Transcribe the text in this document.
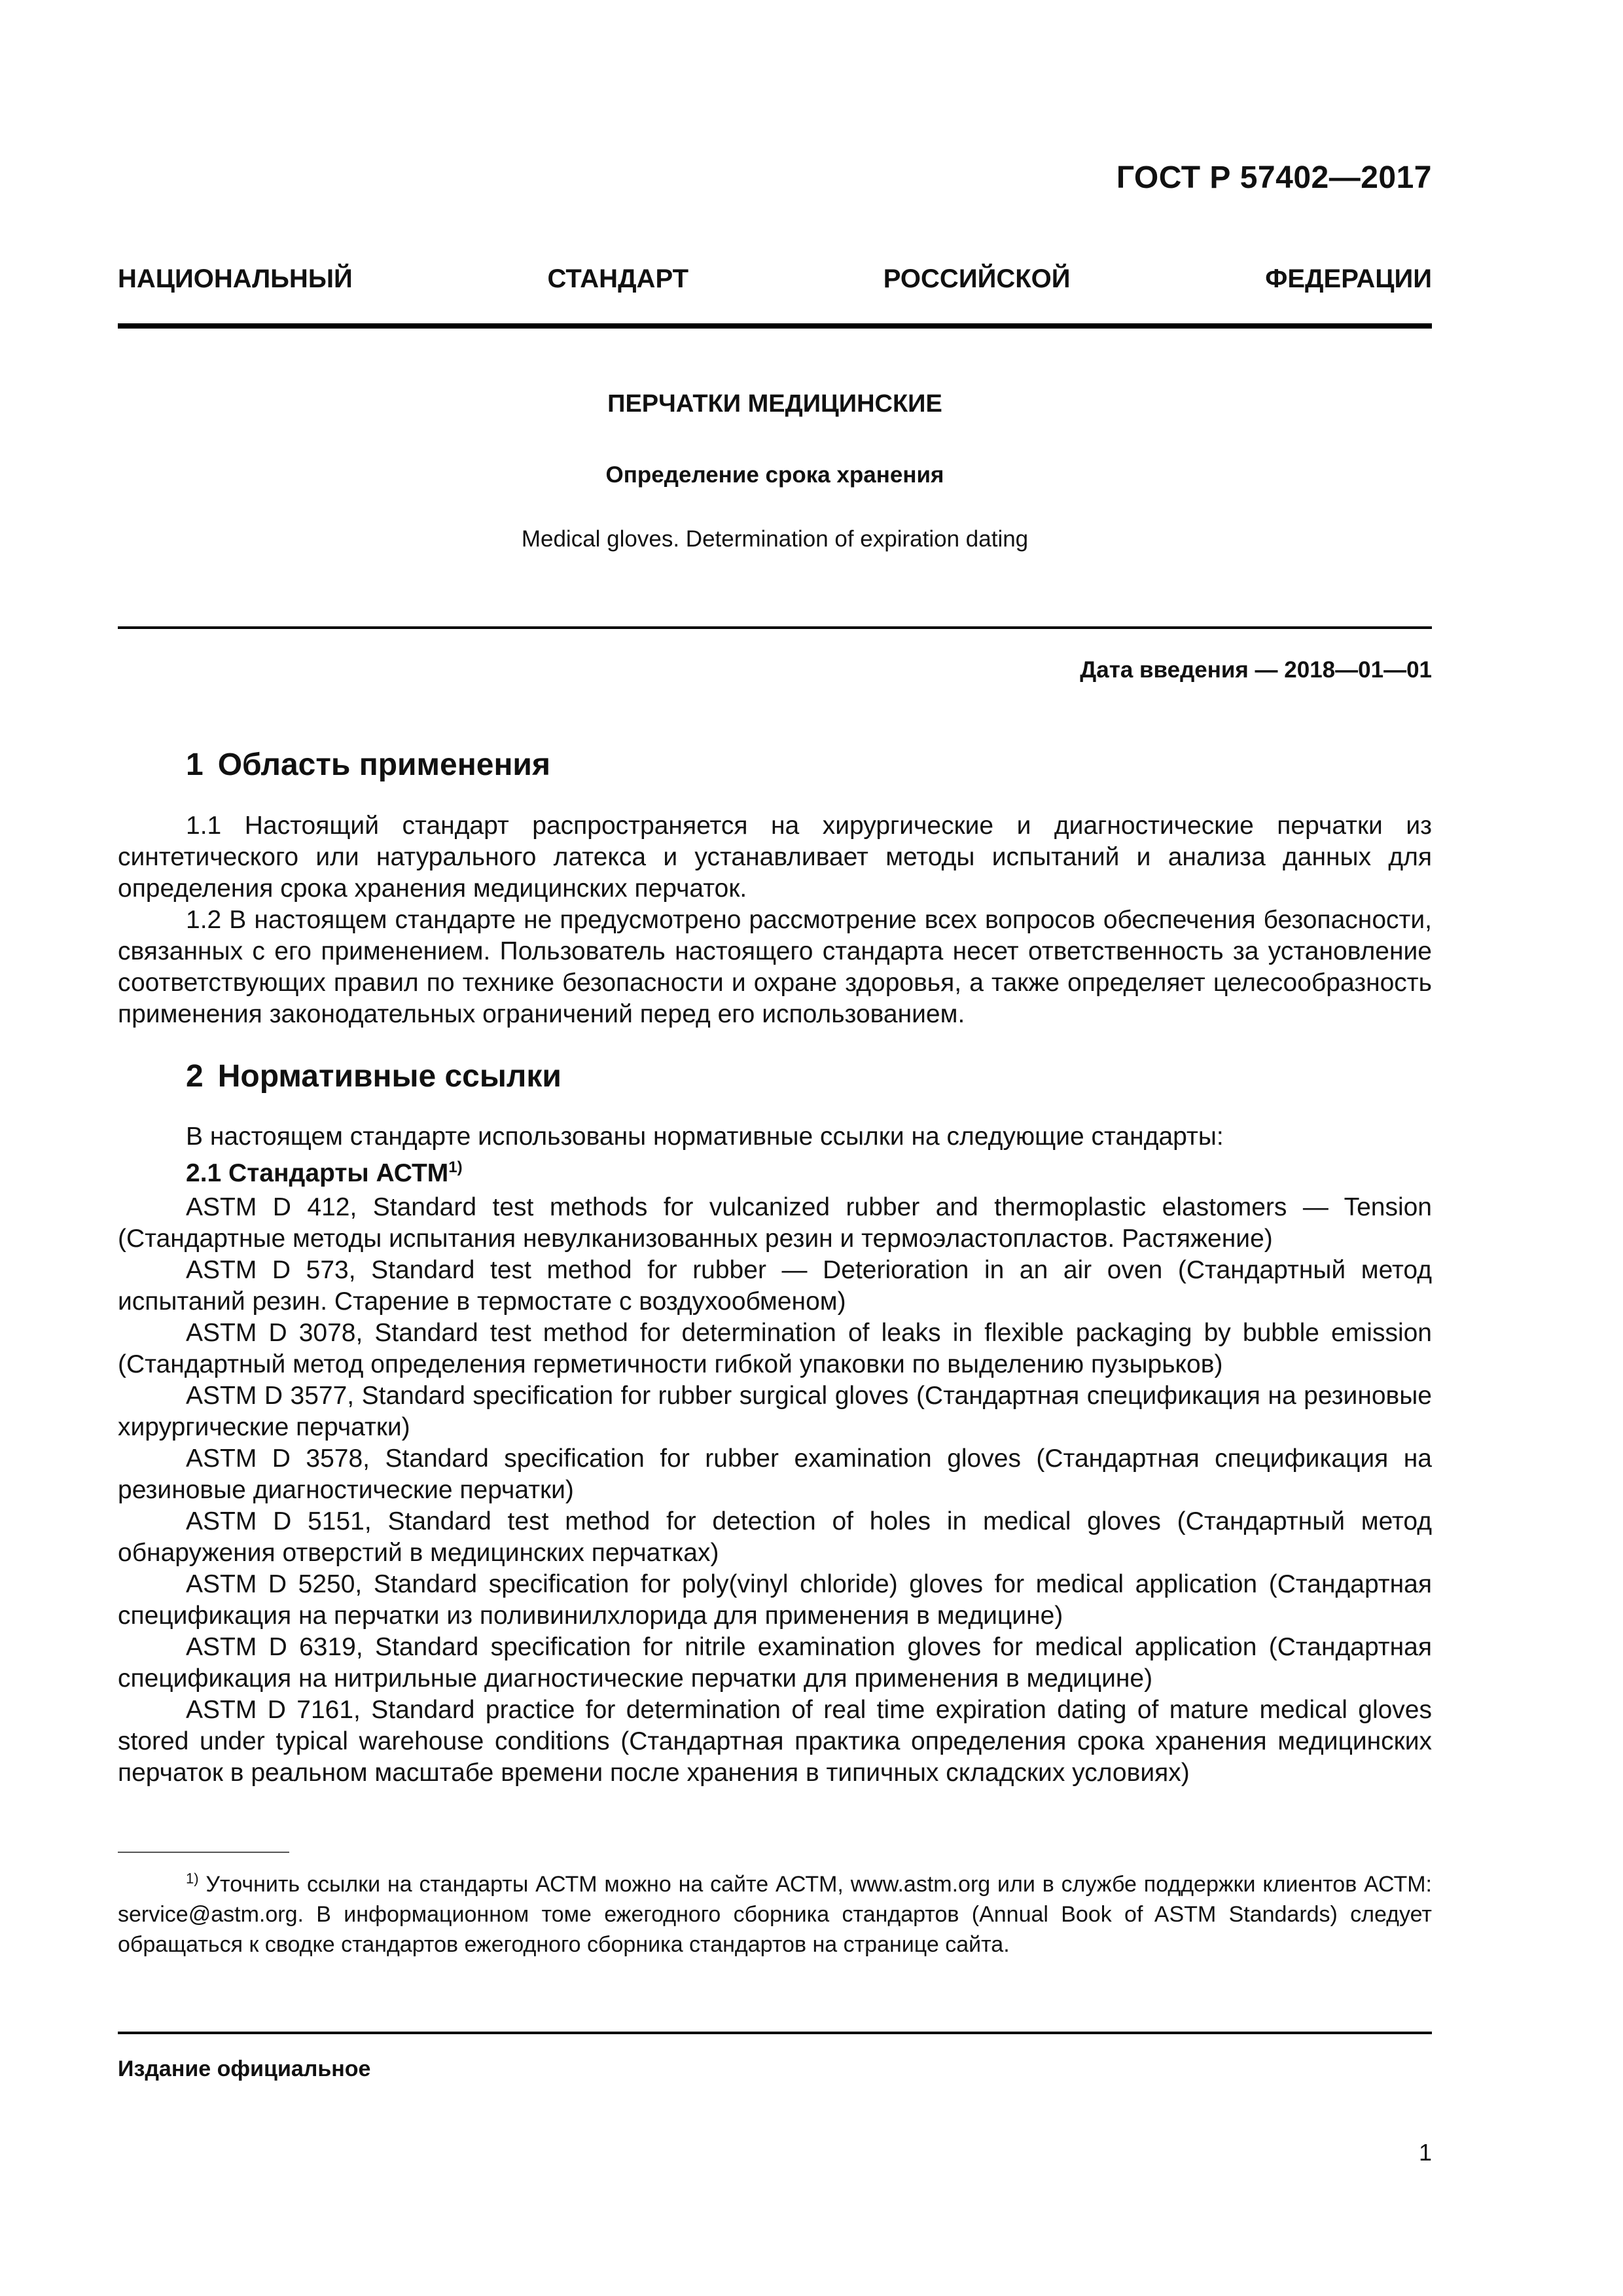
ГОСТ Р 57402—2017
НАЦИОНАЛЬНЫЙ	СТАНДАРТ	РОССИЙСКОЙ	ФЕДЕРАЦИИ
ПЕРЧАТКИ МЕДИЦИНСКИЕ
Определение срока хранения
Medical gloves. Determination of expiration dating
Дата введения — 2018—01—01
1 Область применения

1.1 Настоящий стандарт распространяется на хирургические и диагностические перчатки из синтетического или натурального латекса и устанавливает методы испытаний и анализа данных для определения срока хранения медицинских перчаток.

1.2 В настоящем стандарте не предусмотрено рассмотрение всех вопросов обеспечения безопасности, связанных с его применением. Пользователь настоящего стандарта несет ответственность за установление соответствующих правил по технике безопасности и охране здоровья, а также определяет целесообразность применения законодательных ограничений перед его использованием.

2 Нормативные ссылки

В настоящем стандарте использованы нормативные ссылки на следующие стандарты:

2.1 Стандарты АСТМ$^{1)}$

ASTM D 412, Standard test methods for vulcanized rubber and thermoplastic elastomers — Tension (Стандартные методы испытания невулканизованных резин и термоэластопластов. Растяжение)

ASTM D 573, Standard test method for rubber — Deterioration in an air oven (Стандартный метод испытаний резин. Старение в термостате с воздухообменом)

ASTM D 3078, Standard test method for determination of leaks in flexible packaging by bubble emission (Стандартный метод определения герметичности гибкой упаковки по выделению пузырьков)

ASTM D 3577, Standard specification for rubber surgical gloves (Стандартная спецификация на резиновые хирургические перчатки)

ASTM D 3578, Standard specification for rubber examination gloves (Стандартная спецификация на резиновые диагностические перчатки)

ASTM D 5151, Standard test method for detection of holes in medical gloves (Стандартный метод обнаружения отверстий в медицинских перчатках)

ASTM D 5250, Standard specification for poly(vinyl chloride) gloves for medical application (Стандартная спецификация на перчатки из поливинилхлорида для применения в медицине)

ASTM D 6319, Standard specification for nitrile examination gloves for medical application (Стандартная спецификация на нитрильные диагностические перчатки для применения в медицине)

ASTM D 7161, Standard practice for determination of real time expiration dating of mature medical gloves stored under typical warehouse conditions (Стандартная практика определения срока хранения медицинских перчаток в реальном масштабе времени после хранения в типичных складских условиях)

$^{1)}$ Уточнить ссылки на стандарты АСТМ можно на сайте АСТМ, www.astm.org или в службе поддержки клиентов АСТМ: service@astm.org. В информационном томе ежегодного сборника стандартов (Annual Book of ASTM Standards) следует обращаться к сводке стандартов ежегодного сборника стандартов на странице сайта.
Издание официальное
1
